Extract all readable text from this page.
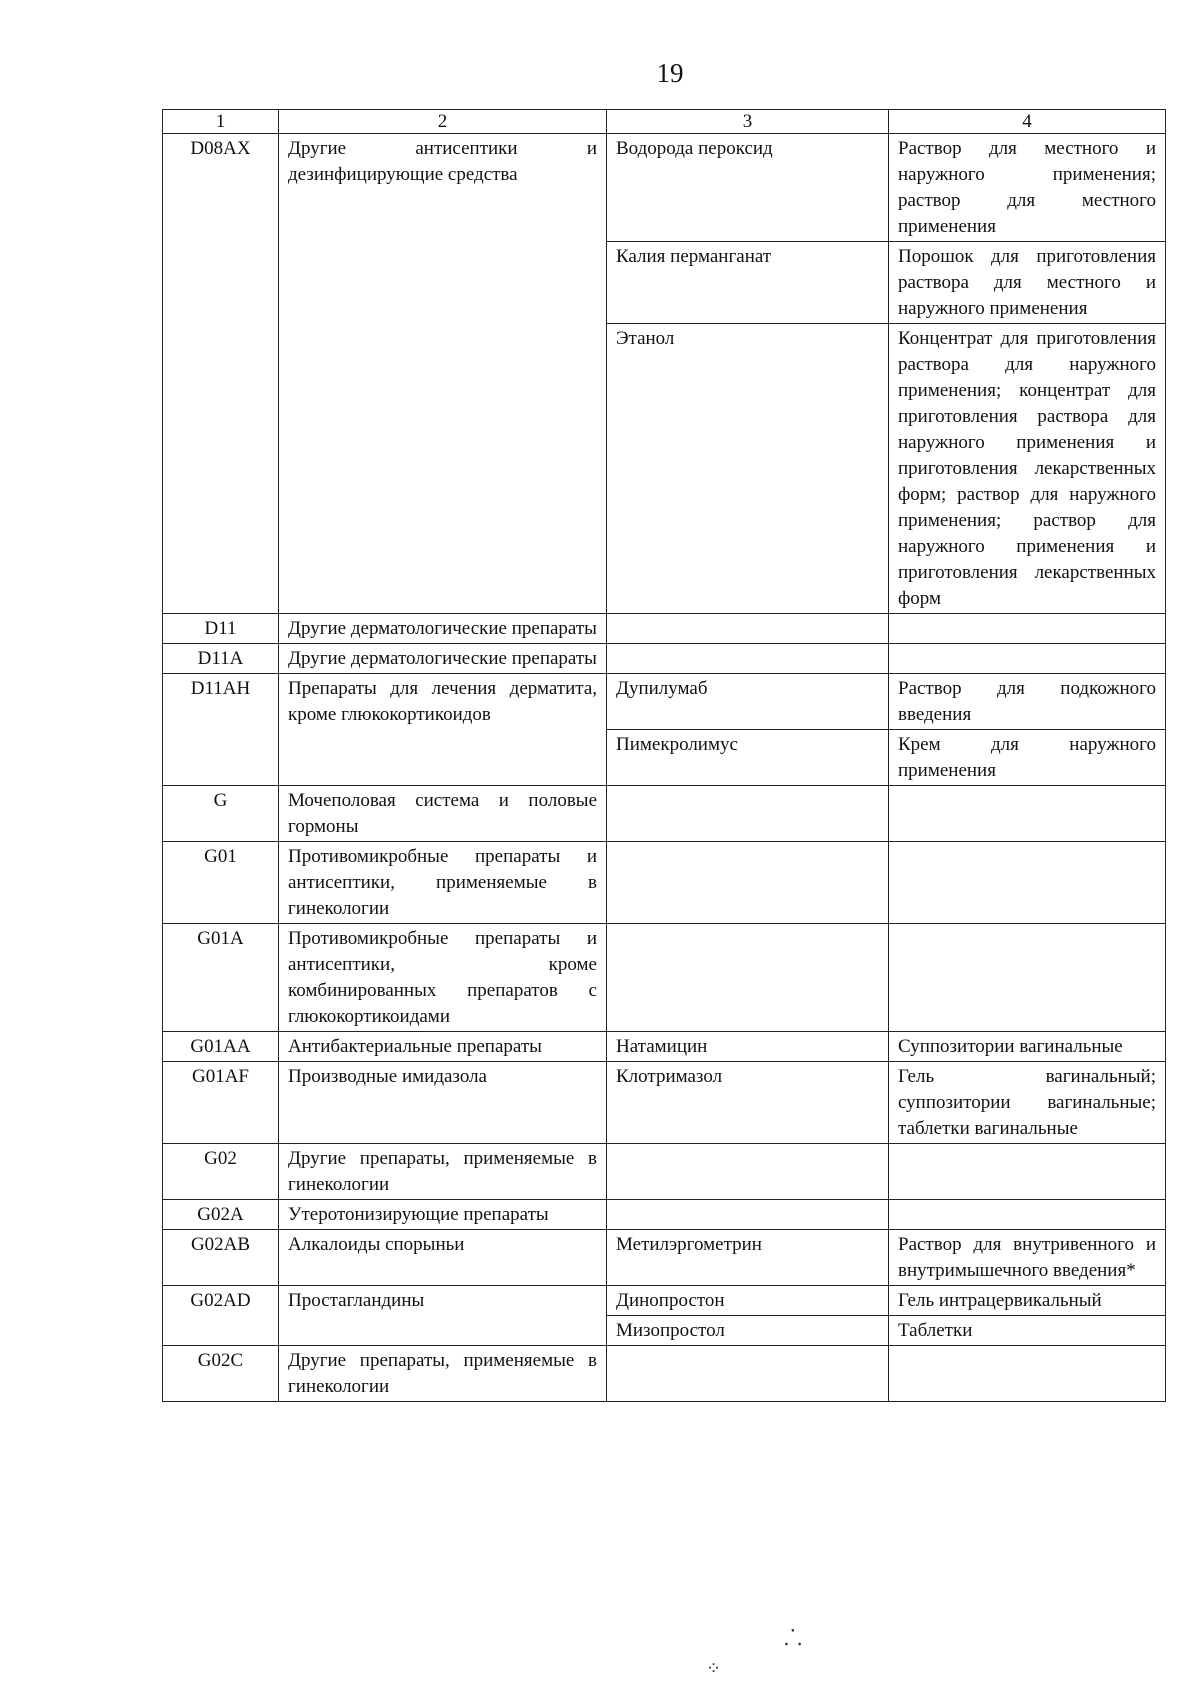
19
1	2	3	4
D08AX	Другие антисептики и дезинфицирующие средства	Водорода пероксид	Раствор для местного и наружного применения; раствор для местного применения
		Калия перманганат	Порошок для приготовления раствора для местного и наружного применения
		Этанол	Концентрат для приготовления раствора для наружного применения; концентрат для приготовления раствора для наружного применения и приготовления лекарственных форм; раствор для наружного применения; раствор для наружного применения и приготовления лекарственных форм
D11	Другие дерматологические препараты		
D11A	Другие дерматологические препараты		
D11AH	Препараты для лечения дерматита, кроме глюкокортикоидов	Дупилумаб	Раствор для подкожного введения
		Пимекролимус	Крем для наружного применения
G	Мочеполовая система и половые гормоны		
G01	Противомикробные препараты и антисептики, применяемые в гинекологии		
G01A	Противомикробные препараты и антисептики, кроме комбинированных препаратов с глюкокортикоидами		
G01AA	Антибактериальные препараты	Натамицин	Суппозитории вагинальные
G01AF	Производные имидазола	Клотримазол	Гель вагинальный; суппозитории вагинальные; таблетки вагинальные
G02	Другие препараты, применяемые в гинекологии		
G02A	Утеротонизирующие препараты		
G02AB	Алкалоиды спорыньи	Метилэргометрин	Раствор для внутривенного и внутримышечного введения*
G02AD	Простагландины	Динопростон	Гель интрацервикальный
		Мизопростол	Таблетки
G02C	Другие препараты, применяемые в гинекологии		
⸫
⁘
